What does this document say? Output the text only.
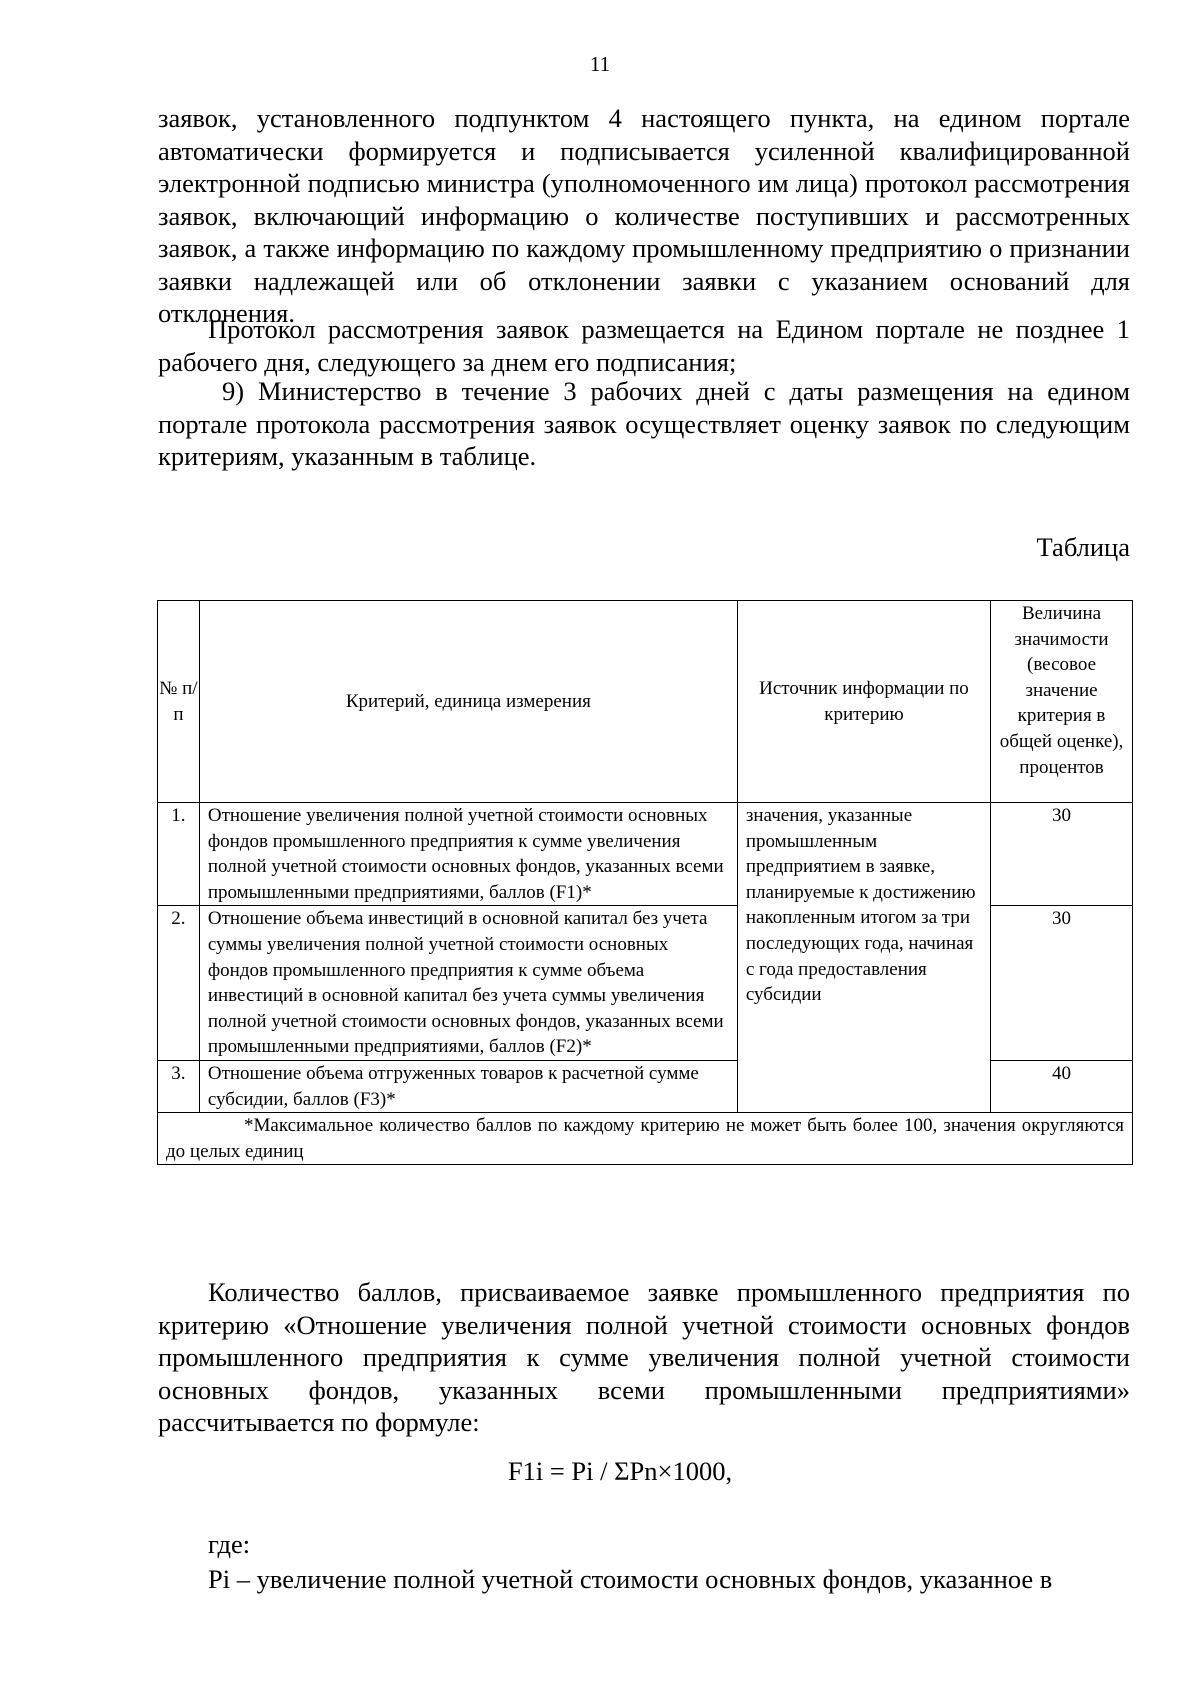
11

заявок, установленного подпунктом 4 настоящего пункта, на едином портале автоматически формируется и подписывается усиленной квалифицированной электронной подписью министра (уполномоченного им лица) протокол рассмотрения заявок, включающий информацию о количестве поступивших и рассмотренных заявок, а также информацию по каждому промышленному предприятию о признании заявки надлежащей или об отклонении заявки с указанием оснований для отклонения.

Протокол рассмотрения заявок размещается на Едином портале не позднее 1 рабочего дня, следующего за днем его подписания;

9) Министерство в течение 3 рабочих дней с даты размещения на едином портале протокола рассмотрения заявок осуществляет оценку заявок по следующим критериям, указанным в таблице.

Таблица
№ п/п	Критерий, единица измерения	Источник информации по критерию	Величина значимости (весовое значение критерия в общей оценке), процентов
1.	Отношение увеличения полной учетной стоимости основных фондов промышленного предприятия к сумме увеличения полной учетной стоимости основных фондов, указанных всеми промышленными предприятиями, баллов (F1)*	значения, указанные промышленным предприятием в заявке, планируемые к достижению накопленным итогом за три последующих года, начиная с года предоставления субсидии	30
2.	Отношение объема инвестиций в основной капитал без учета суммы увеличения полной учетной стоимости основных фондов промышленного предприятия к сумме объема инвестиций в основной капитал без учета суммы увеличения полной учетной стоимости основных фондов, указанных всеми промышленными предприятиями, баллов (F2)*		30
3.	Отношение объема отгруженных товаров к расчетной сумме субсидии, баллов (F3)*		40
*Максимальное количество баллов по каждому критерию не может быть более 100, значения округляются до целых единиц			

Количество баллов, присваиваемое заявке промышленного предприятия по критерию «Отношение увеличения полной учетной стоимости основных фондов промышленного предприятия к сумме увеличения полной учетной стоимости основных фондов, указанных всеми промышленными предприятиями» рассчитывается по формуле:

F1i = Pi / ΣPn×1000,

где:

Pi – увеличение полной учетной стоимости основных фондов, указанное в
